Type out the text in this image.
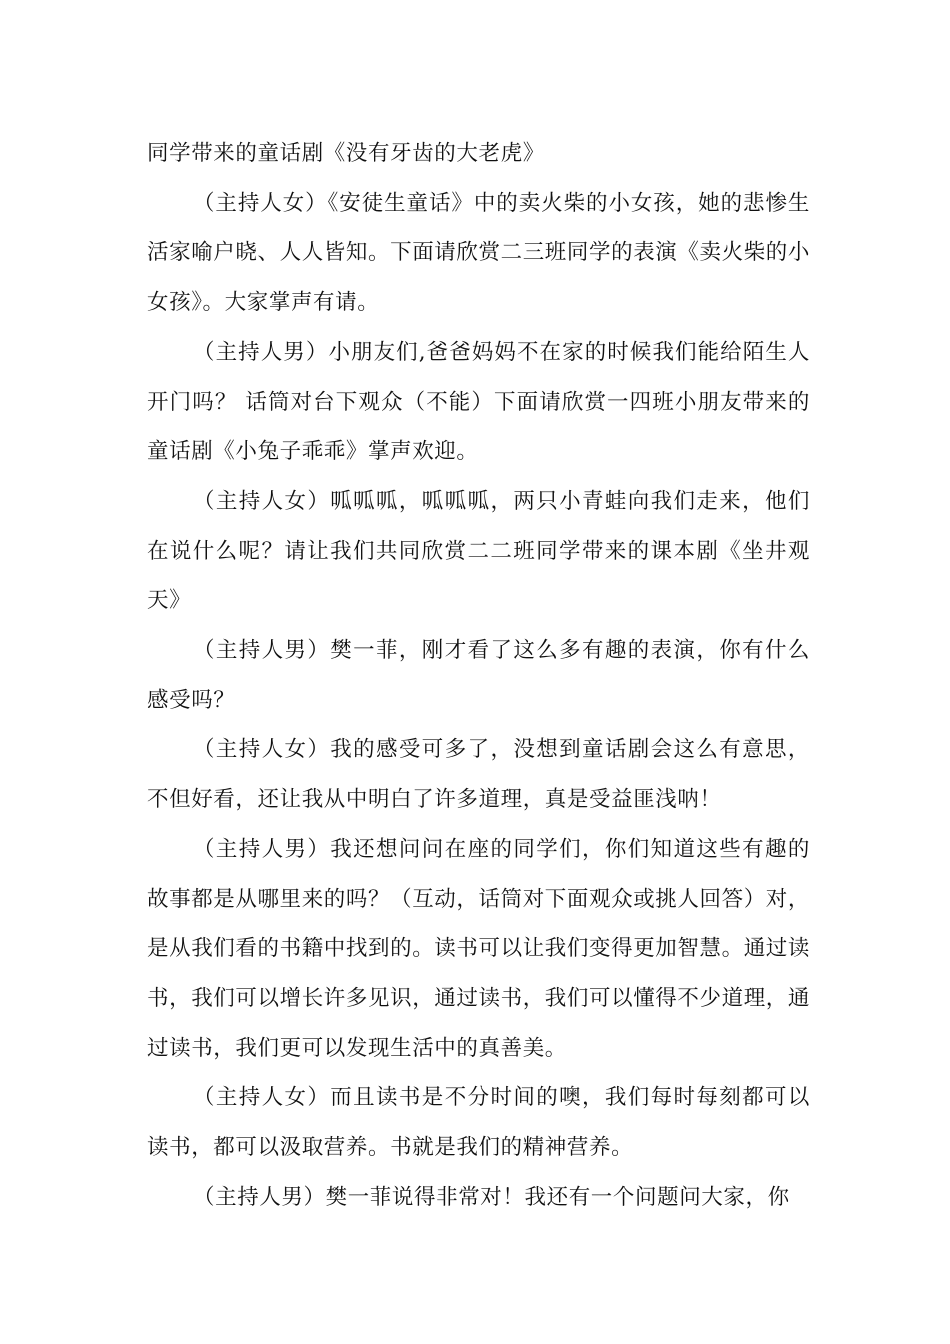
同学带来的童话剧《没有牙齿的大老虎》

（主持人女）《安徒生童话》中的卖火柴的小女孩，她的悲惨生活家喻户晓、人人皆知。下面请欣赏二三班同学的表演《卖火柴的小女孩》。大家掌声有请。

（主持人男）小朋友们,爸爸妈妈不在家的时候我们能给陌生人开门吗？ 话筒对台下观众（不能）下面请欣赏一四班小朋友带来的童话剧《小兔子乖乖》掌声欢迎。

（主持人女）呱呱呱，呱呱呱，两只小青蛙向我们走来，他们在说什么呢？请让我们共同欣赏二二班同学带来的课本剧《坐井观天》

（主持人男）樊一菲，刚才看了这么多有趣的表演，你有什么感受吗？

（主持人女）我的感受可多了，没想到童话剧会这么有意思，不但好看，还让我从中明白了许多道理，真是受益匪浅呐！

（主持人男）我还想问问在座的同学们，你们知道这些有趣的故事都是从哪里来的吗？（互动，话筒对下面观众或挑人回答）对，是从我们看的书籍中找到的。读书可以让我们变得更加智慧。通过读书，我们可以增长许多见识，通过读书，我们可以懂得不少道理，通过读书，我们更可以发现生活中的真善美。

（主持人女）而且读书是不分时间的噢，我们每时每刻都可以读书，都可以汲取营养。书就是我们的精神营养。

（主持人男）樊一菲说得非常对！我还有一个问题问大家，你
